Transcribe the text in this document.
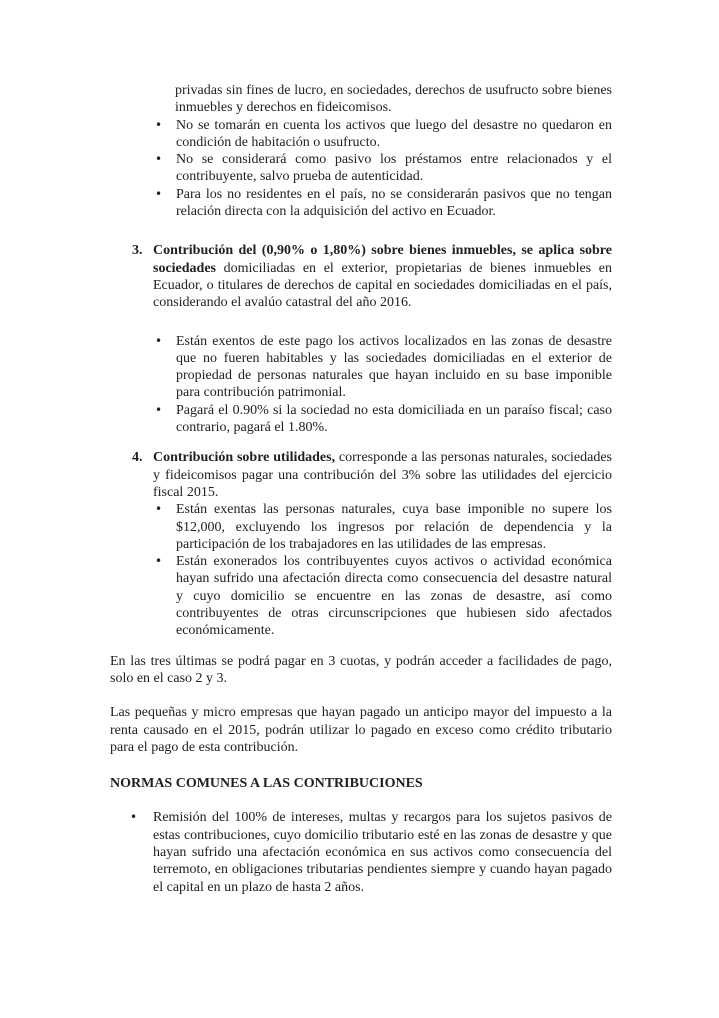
privadas sin fines de lucro, en sociedades, derechos de usufructo sobre bienes inmuebles y derechos en fideicomisos.

• No se tomarán en cuenta los activos que luego del desastre no quedaron en condición de habitación o usufructo.
• No se considerará como pasivo los préstamos entre relacionados y el contribuyente, salvo prueba de autenticidad.
• Para los no residentes en el país, no se considerarán pasivos que no tengan relación directa con la adquisición del activo en Ecuador.
3. Contribución del (0,90% o 1,80%) sobre bienes inmuebles, se aplica sobre sociedades domiciliadas en el exterior, propietarias de bienes inmuebles en Ecuador, o titulares de derechos de capital en sociedades domiciliadas en el país, considerando el avalúo catastral del año 2016.
• Están exentos de este pago los activos localizados en las zonas de desastre que no fueren habitables y las sociedades domiciliadas en el exterior de propiedad de personas naturales que hayan incluido en su base imponible para contribución patrimonial.
• Pagará el 0.90% si la sociedad no esta domiciliada en un paraíso fiscal; caso contrario, pagará el 1.80%.
4. Contribución sobre utilidades, corresponde a las personas naturales, sociedades y fideicomisos pagar una contribución del 3% sobre las utilidades del ejercicio fiscal 2015.
• Están exentas las personas naturales, cuya base imponible no supere los $12,000, excluyendo los ingresos por relación de dependencia y la participación de los trabajadores en las utilidades de las empresas.
• Están exonerados los contribuyentes cuyos activos o actividad económica hayan sufrido una afectación directa como consecuencia del desastre natural y cuyo domicilio se encuentre en las zonas de desastre, así como contribuyentes de otras circunscripciones que hubiesen sido afectados económicamente.

En las tres últimas se podrá pagar en 3 cuotas, y podrán acceder a facilidades de pago, solo en el caso 2 y 3.

Las pequeñas y micro empresas que hayan pagado un anticipo mayor del impuesto a la renta causado en el 2015, podrán utilizar lo pagado en exceso como crédito tributario para el pago de esta contribución.

NORMAS COMUNES A LAS CONTRIBUCIONES

• Remisión del 100% de intereses, multas y recargos para los sujetos pasivos de estas contribuciones, cuyo domicilio tributario esté en las zonas de desastre y que hayan sufrido una afectación económica en sus activos como consecuencia del terremoto, en obligaciones tributarias pendientes siempre y cuando hayan pagado el capital en un plazo de hasta 2 años.
